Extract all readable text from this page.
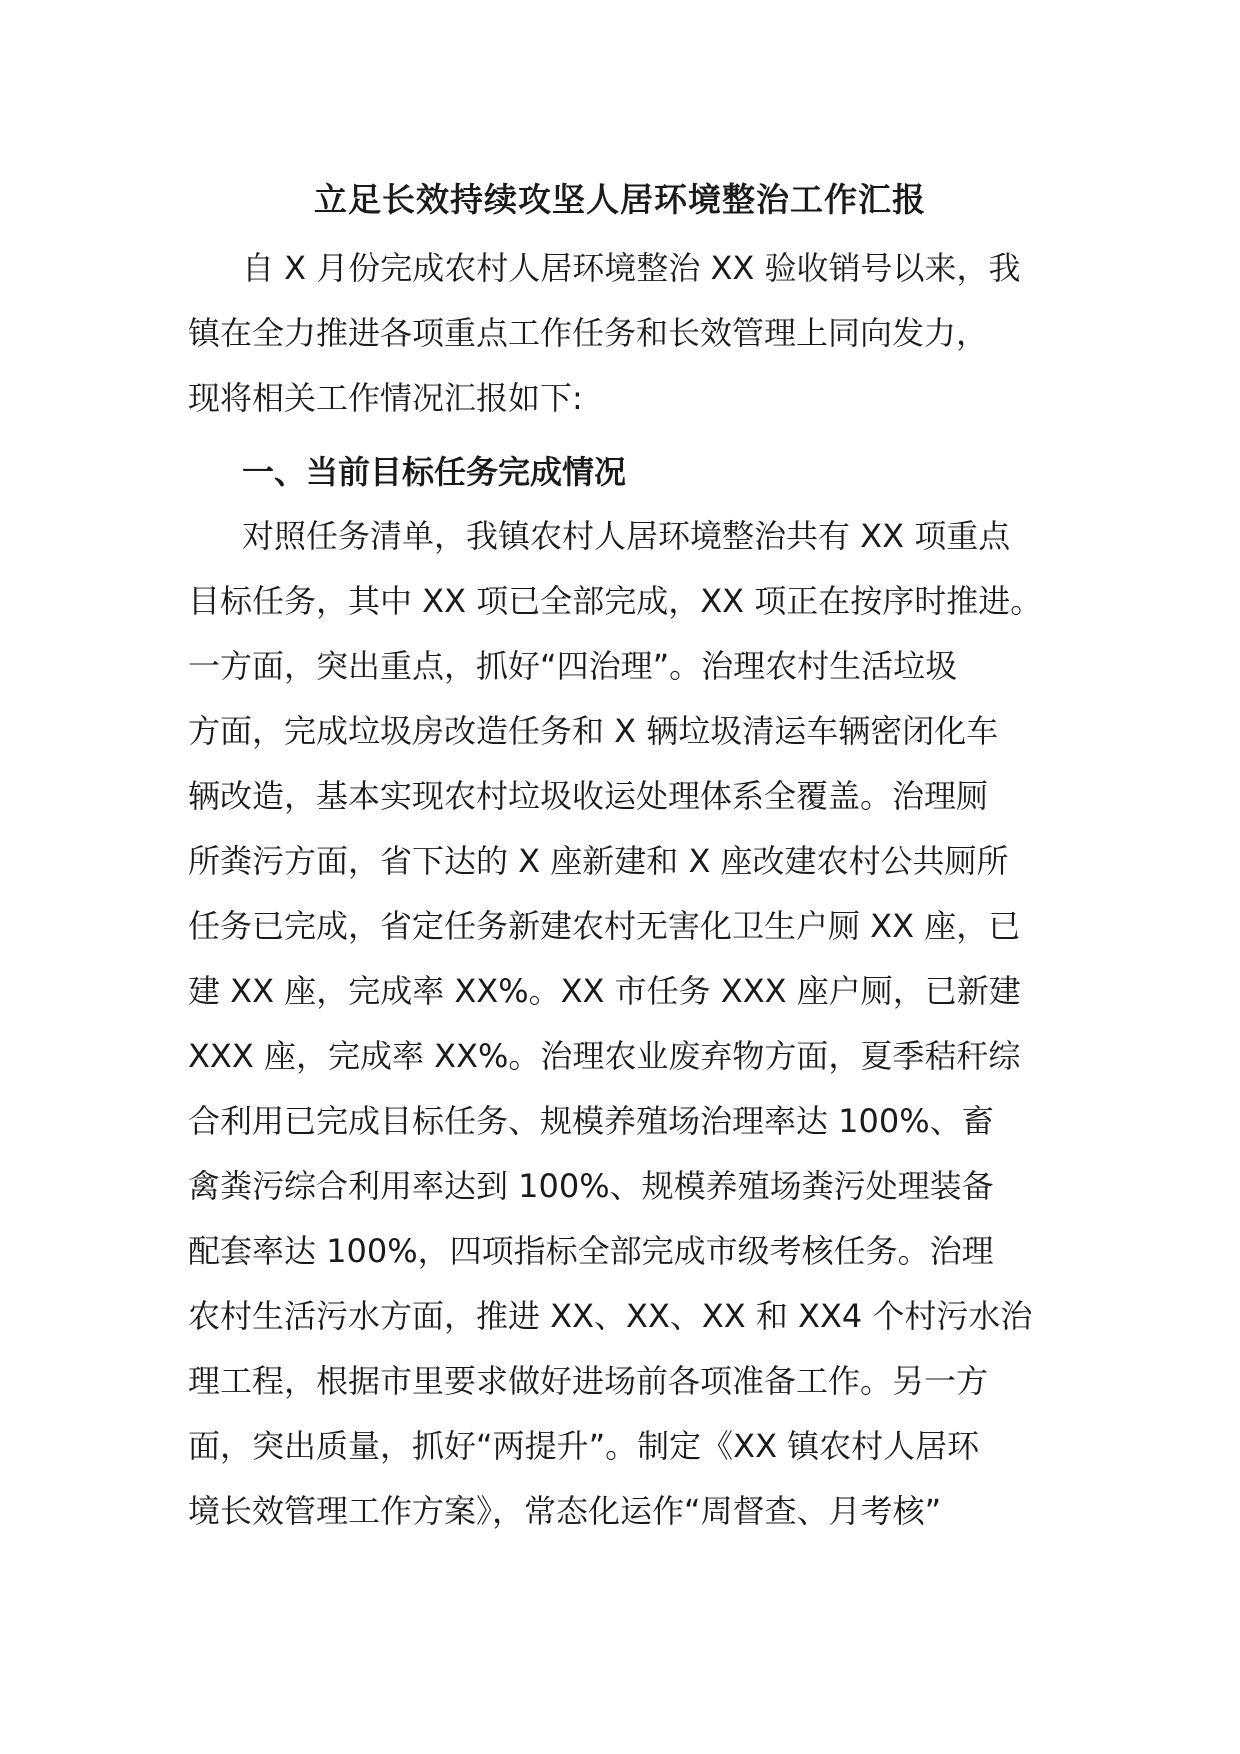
立足长效持续攻坚人居环境整治工作汇报
自 X 月份完成农村人居环境整治 XX 验收销号以来，我
镇在全力推进各项重点工作任务和长效管理上同向发力，
现将相关工作情况汇报如下:
一、当前目标任务完成情况
对照任务清单，我镇农村人居环境整治共有 XX 项重点
目标任务，其中 XX 项已全部完成，XX 项正在按序时推进。
一方面，突出重点，抓好“四治理”。治理农村生活垃圾
方面，完成垃圾房改造任务和 X 辆垃圾清运车辆密闭化车
辆改造，基本实现农村垃圾收运处理体系全覆盖。治理厕
所粪污方面，省下达的 X 座新建和 X 座改建农村公共厕所
任务已完成，省定任务新建农村无害化卫生户厕 XX 座，已
建 XX 座，完成率 XX%。XX 市任务 XXX 座户厕，已新建
XXX 座，完成率 XX%。治理农业废弃物方面，夏季秸秆综
合利用已完成目标任务、规模养殖场治理率达 100%、畜
禽粪污综合利用率达到 100%、规模养殖场粪污处理装备
配套率达 100%，四项指标全部完成市级考核任务。治理
农村生活污水方面，推进 XX、XX、XX 和 XX4 个村污水治
理工程，根据市里要求做好进场前各项准备工作。另一方
面，突出质量，抓好“两提升”。制定《XX 镇农村人居环
境长效管理工作方案》，常态化运作“周督查、月考核”
